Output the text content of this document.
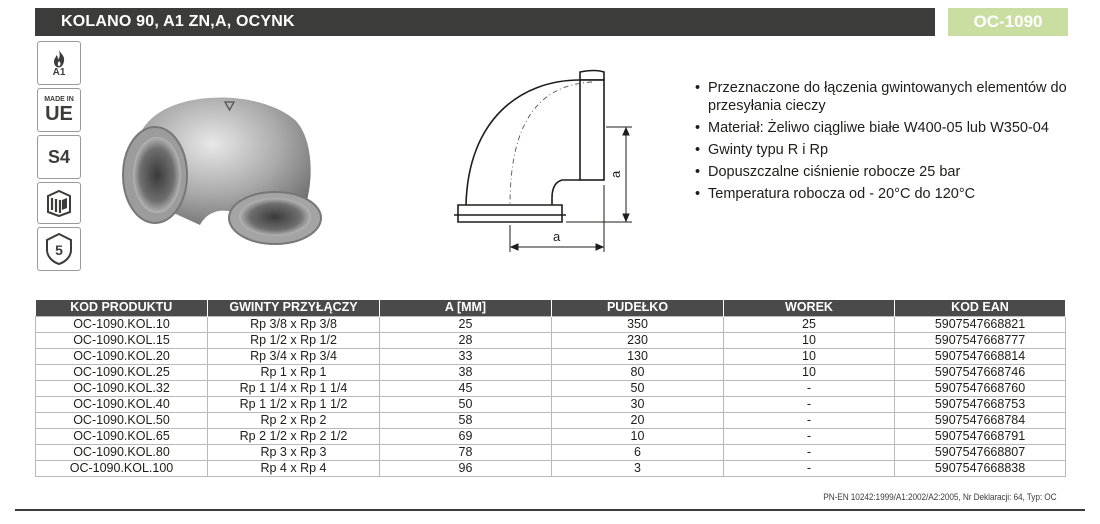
KOLANO 90, A1 ZN,A, OCYNK	OC-1090
A1
MADE IN
UE
S4
5
a
a
• Przeznaczone do łączenia gwintowanych elementów do przesyłania cieczy
• Materiał: Żeliwo ciągliwe białe W400-05 lub W350-04
• Gwinty typu R i Rp
• Dopuszczalne ciśnienie robocze 25 bar
• Temperatura robocza od - 20°C do 120°C
KOD PRODUKTU	GWINTY PRZYŁĄCZY	A [MM]	PUDEŁKO	WOREK	KOD EAN
OC-1090.KOL.10	Rp 3/8 x Rp 3/8	25	350	25	5907547668821
OC-1090.KOL.15	Rp 1/2 x Rp 1/2	28	230	10	5907547668777
OC-1090.KOL.20	Rp 3/4 x Rp 3/4	33	130	10	5907547668814
OC-1090.KOL.25	Rp 1 x Rp 1	38	80	10	5907547668746
OC-1090.KOL.32	Rp 1 1/4 x Rp 1 1/4	45	50	-	5907547668760
OC-1090.KOL.40	Rp 1 1/2 x Rp 1 1/2	50	30	-	5907547668753
OC-1090.KOL.50	Rp 2 x Rp 2	58	20	-	5907547668784
OC-1090.KOL.65	Rp 2 1/2 x Rp 2 1/2	69	10	-	5907547668791
OC-1090.KOL.80	Rp 3 x Rp 3	78	6	-	5907547668807
OC-1090.KOL.100	Rp 4 x Rp 4	96	3	-	5907547668838
PN-EN 10242:1999/A1:2002/A2:2005, Nr Deklaracji: 64, Typ: OC
